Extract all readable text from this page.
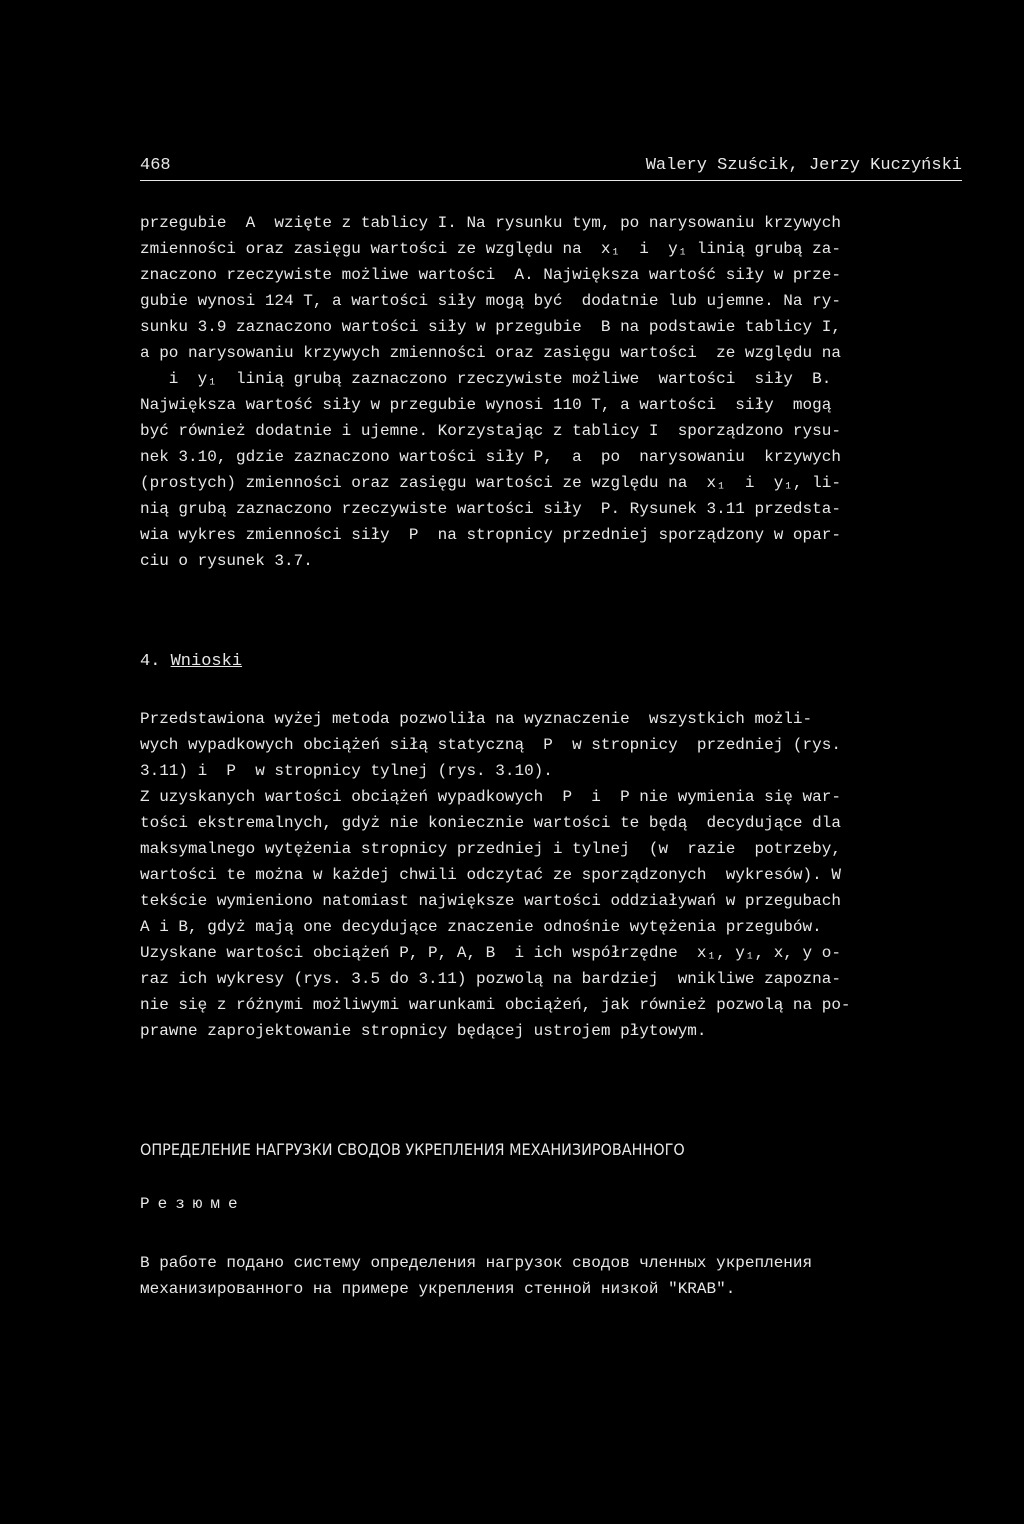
468	Walery Szuścik, Jerzy Kuczyński
przegubie  A  wzięte z tablicy I. Na rysunku tym, po narysowaniu krzywych
zmienności oraz zasięgu wartości ze względu na  x₁  i  y₁ linią grubą za-
znaczono rzeczywiste możliwe wartości  A. Największa wartość siły w prze-
gubie wynosi 124 T, a wartości siły mogą być  dodatnie lub ujemne. Na ry-
sunku 3.9 zaznaczono wartości siły w przegubie  B na podstawie tablicy I,
a po narysowaniu krzywych zmienności oraz zasięgu wartości  ze względu na
i  y₁  linią grubą zaznaczono rzeczywiste możliwe  wartości  siły  B.
Największa wartość siły w przegubie wynosi 110 T, a wartości  siły  mogą
być również dodatnie i ujemne. Korzystając z tablicy I  sporządzono rysu-
nek 3.10, gdzie zaznaczono wartości siły P,  a  po  narysowaniu  krzywych
(prostych) zmienności oraz zasięgu wartości ze względu na  x₁  i  y₁, li-
nią grubą zaznaczono rzeczywiste wartości siły  P. Rysunek 3.11 przedsta-
wia wykres zmienności siły  P  na stropnicy przedniej sporządzony w opar-
ciu o rysunek 3.7.
4. Wnioski
Przedstawiona wyżej metoda pozwoliła na wyznaczenie  wszystkich możli-
wych wypadkowych obciążeń siłą statyczną  P  w stropnicy  przedniej (rys.
3.11) i  P  w stropnicy tylnej (rys. 3.10).
Z uzyskanych wartości obciążeń wypadkowych  P  i  P nie wymienia się war-
tości ekstremalnych, gdyż nie koniecznie wartości te będą  decydujące dla
maksymalnego wytężenia stropnicy przedniej i tylnej  (w  razie  potrzeby,
wartości te można w każdej chwili odczytać ze sporządzonych  wykresów). W
tekście wymieniono natomiast największe wartości oddziaływań w przegubach
A i B, gdyż mają one decydujące znaczenie odnośnie wytężenia przegubów.
Uzyskane wartości obciążeń P, P, A, B  i ich współrzędne  x₁, y₁, x, y o-
raz ich wykresy (rys. 3.5 do 3.11) pozwolą na bardziej  wnikliwe zapozna-
nie się z różnymi możliwymi warunkami obciążeń, jak również pozwolą na po-
prawne zaprojektowanie stropnicy będącej ustrojem płytowym.
ОПРЕДЕЛЕНИЕ НАГРУЗКИ СВОДОВ УКРЕПЛЕНИЯ МЕХАНИЗИРОВАННОГО
Резюме
В работе подано систему определения нагрузок сводов членных укрепления
механизированного на примере укрепления стенной низкой "KRAB".
